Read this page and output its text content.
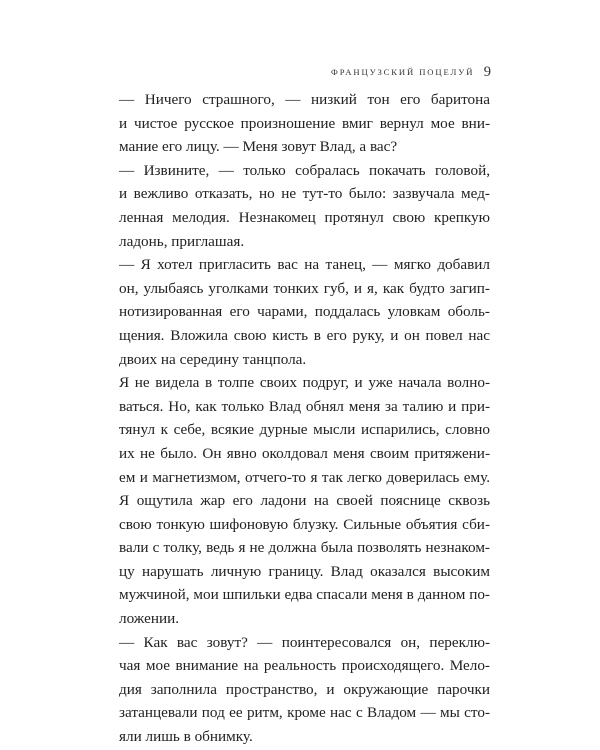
ФРАНЦУЗСКИЙ ПОЦЕЛУЙ 9
— Ничего страшного, — низкий тон его баритона
и чистое русское произношение вмиг вернул мое вни-
мание его лицу. — Меня зовут Влад, а вас?
— Извините, — только собралась покачать головой,
и вежливо отказать, но не тут-то было: зазвучала мед-
ленная мелодия. Незнакомец протянул свою крепкую
ладонь, приглашая.
— Я хотел пригласить вас на танец, — мягко добавил
он, улыбаясь уголками тонких губ, и я, как будто загип-
нотизированная его чарами, поддалась уловкам оболь-
щения. Вложила свою кисть в его руку, и он повел нас
двоих на середину танцпола.
Я не видела в толпе своих подруг, и уже начала волно-
ваться. Но, как только Влад обнял меня за талию и при-
тянул к себе, всякие дурные мысли испарились, словно
их не было. Он явно околдовал меня своим притяжени-
ем и магнетизмом, отчего-то я так легко доверилась ему.
Я ощутила жар его ладони на своей пояснице сквозь
свою тонкую шифоновую блузку. Сильные объятия сби-
вали с толку, ведь я не должна была позволять незнаком-
цу нарушать личную границу. Влад оказался высоким
мужчиной, мои шпильки едва спасали меня в данном по-
ложении.
— Как вас зовут? — поинтересовался он, переклю-
чая мое внимание на реальность происходящего. Мело-
дия заполнила пространство, и окружающие парочки
затанцевали под ее ритм, кроме нас с Владом — мы сто-
яли лишь в обнимку.
